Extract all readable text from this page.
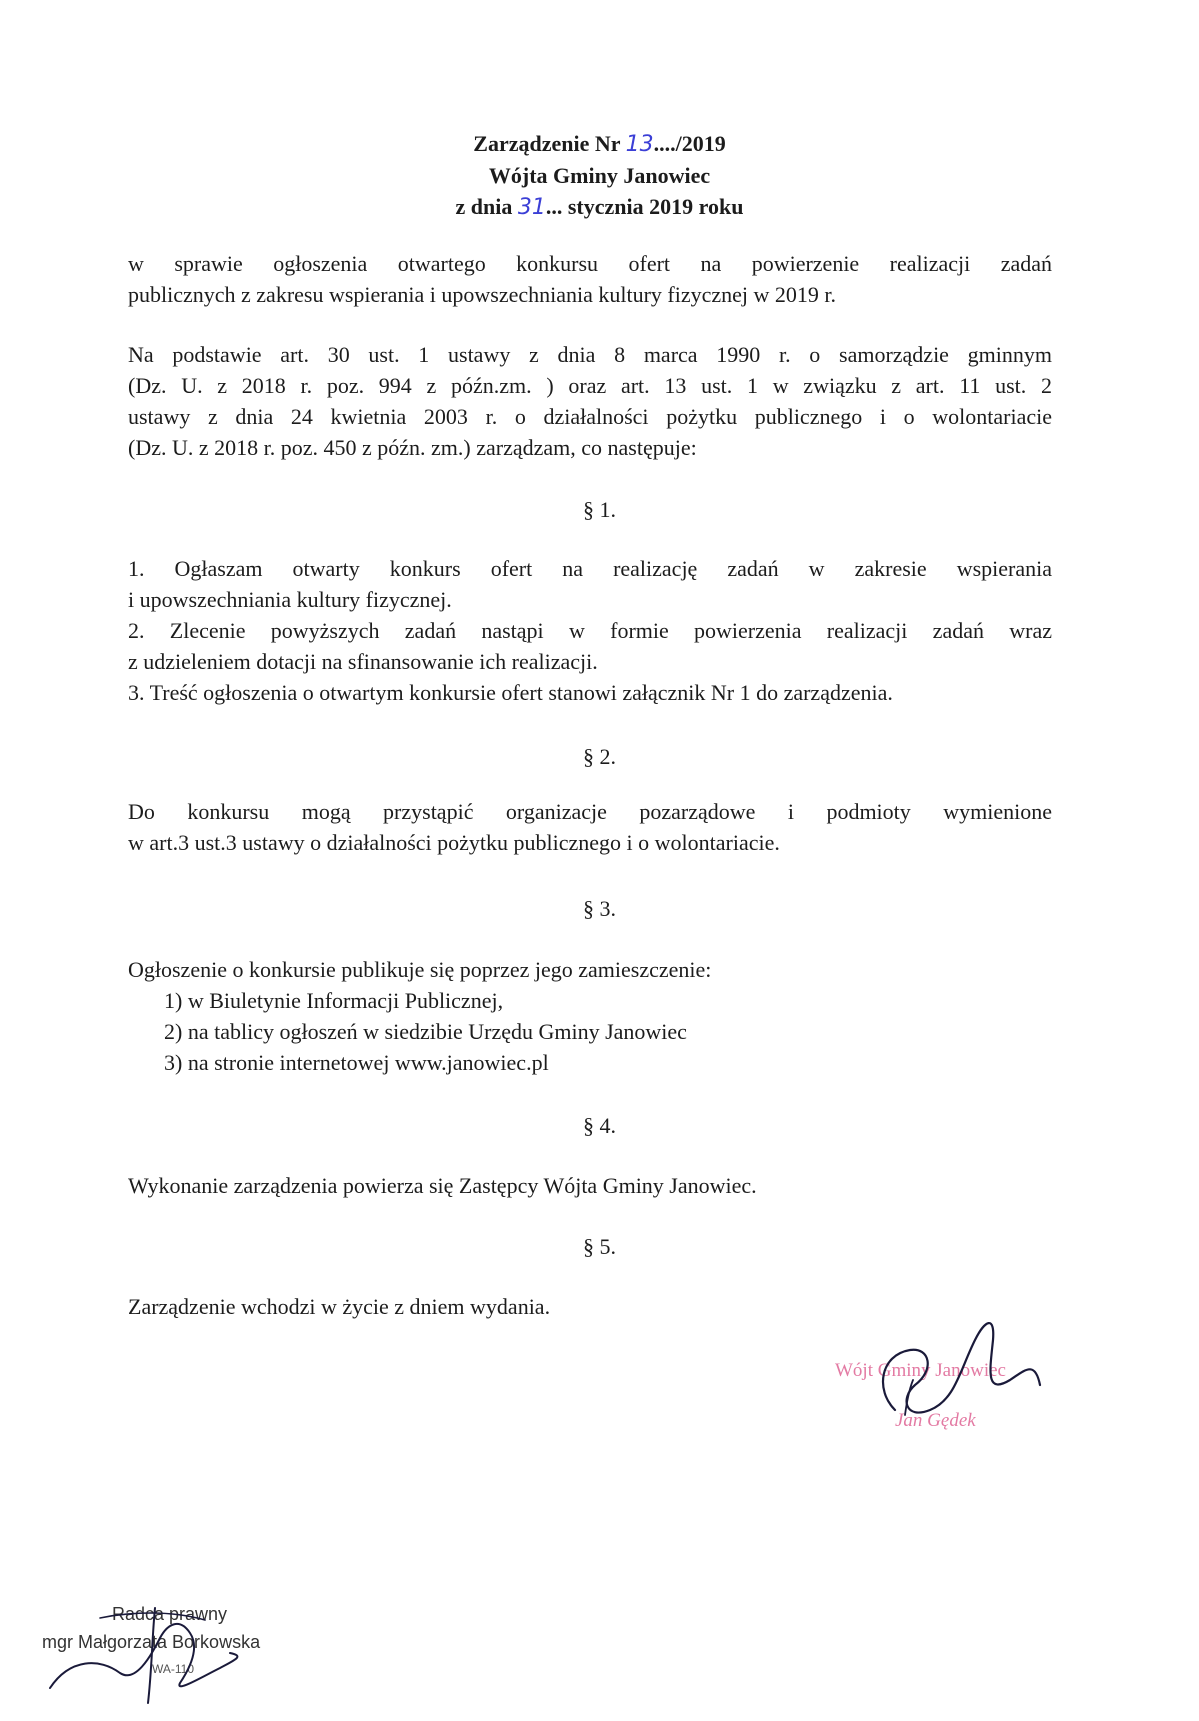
Zarządzenie Nr 13..../2019
Wójta Gminy Janowiec
z dnia 31... stycznia 2019 roku
w sprawie ogłoszenia otwartego konkursu ofert na powierzenie realizacji zadań
publicznych z zakresu wspierania i upowszechniania kultury fizycznej w 2019 r.
Na podstawie art. 30 ust. 1 ustawy z dnia 8 marca 1990 r. o samorządzie gminnym
(Dz. U. z 2018 r. poz. 994 z późn.zm. ) oraz art. 13 ust. 1 w związku z art. 11 ust. 2
ustawy z dnia 24 kwietnia 2003 r. o działalności pożytku publicznego i o wolontariacie
(Dz. U. z 2018 r. poz. 450 z późn. zm.) zarządzam, co następuje:
§ 1.
1. Ogłaszam otwarty konkurs ofert na realizację zadań w zakresie wspierania
i upowszechniania kultury fizycznej.
2. Zlecenie powyższych zadań nastąpi w formie powierzenia realizacji zadań wraz
z udzieleniem dotacji na sfinansowanie ich realizacji.
3. Treść ogłoszenia o otwartym konkursie ofert stanowi załącznik Nr 1 do zarządzenia.
§ 2.
Do konkursu mogą przystąpić organizacje pozarządowe i podmioty wymienione
w art.3 ust.3 ustawy o działalności pożytku publicznego i o wolontariacie.
§ 3.
Ogłoszenie o konkursie publikuje się poprzez jego zamieszczenie:
1) w Biuletynie Informacji Publicznej,
2) na tablicy ogłoszeń w siedzibie Urzędu Gminy Janowiec
3) na stronie internetowej www.janowiec.pl
§ 4.
Wykonanie zarządzenia powierza się Zastępcy Wójta Gminy Janowiec.
§ 5.
Zarządzenie wchodzi w życie z dniem wydania.
Wójt Gminy Janowiec
Jan Gędek
Radca prawny
mgr Małgorzata Borkowska
WA-110
